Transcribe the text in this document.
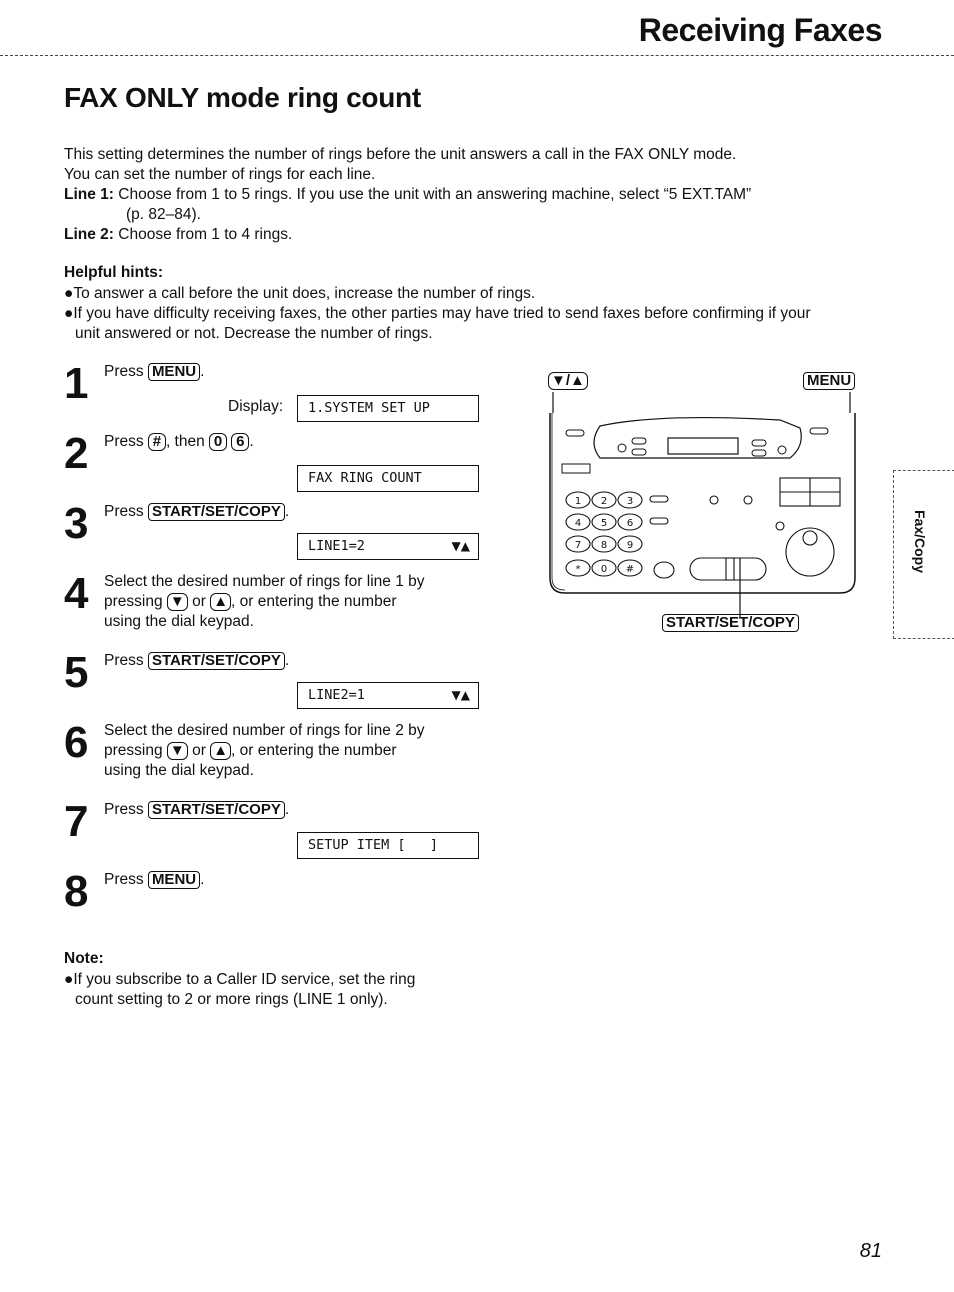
Receiving Faxes
FAX ONLY mode ring count

This setting determines the number of rings before the unit answers a call in the FAX ONLY mode.

You can set the number of rings for each line.

Line 1: Choose from 1 to 5 rings. If you use the unit with an answering machine, select “5 EXT.TAM”

(p. 82–84).

Line 2: Choose from 1 to 4 rings.

Helpful hints:

●To answer a call before the unit does, increase the number of rings.

●If you have difficulty receiving faxes, the other parties may have tried to send faxes before confirming if your

unit answered or not. Decrease the number of rings.

1 Press MENU .
Display:	1.SYSTEM SET UP
2 Press # , then 0 6 .
FAX RING COUNT
3 Press START/SET/COPY .
LINE1=2	▼▲
4 Select the desired number of rings for line 1 by
pressing ▼ or ▲ , or entering the number
using the dial keypad.
5 Press START/SET/COPY .
LINE2=1	▼▲
6 Select the desired number of rings for line 2 by
pressing ▼ or ▲ , or entering the number
using the dial keypad.
7 Press START/SET/COPY .
SETUP ITEM [   ]
8 Press MENU .
Note:

●If you subscribe to a Caller ID service, set the ring

count setting to 2 or more rings (LINE 1 only).

▼/▲	MENU
1 2 3
4 5 6
7 8 9
* 0 #
START/SET/COPY
Fax/Copy
81
